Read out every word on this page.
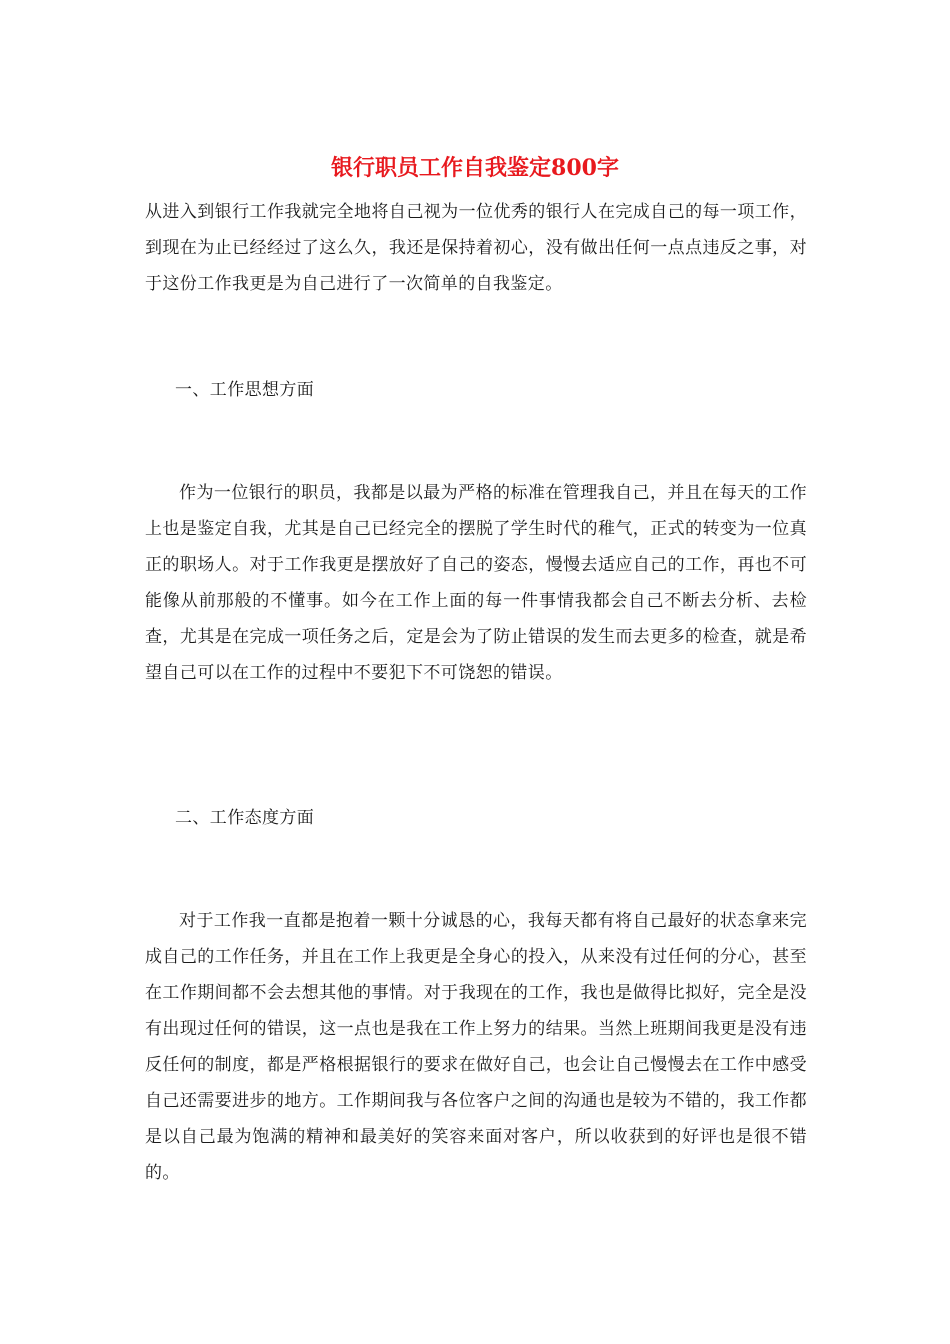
银行职员工作自我鉴定800字

从进入到银行工作我就完全地将自己视为一位优秀的银行人在完成自己的每一项工作，到现在为止已经经过了这么久，我还是保持着初心，没有做出任何一点点违反之事，对于这份工作我更是为自己进行了一次简单的自我鉴定。

一、工作思想方面

作为一位银行的职员，我都是以最为严格的标准在管理我自己，并且在每天的工作上也是鉴定自我，尤其是自己已经完全的摆脱了学生时代的稚气，正式的转变为一位真正的职场人。对于工作我更是摆放好了自己的姿态，慢慢去适应自己的工作，再也不可能像从前那般的不懂事。如今在工作上面的每一件事情我都会自己不断去分析、去检查，尤其是在完成一项任务之后，定是会为了防止错误的发生而去更多的检查，就是希望自己可以在工作的过程中不要犯下不可饶恕的错误。

二、工作态度方面

对于工作我一直都是抱着一颗十分诚恳的心，我每天都有将自己最好的状态拿来完成自己的工作任务，并且在工作上我更是全身心的投入，从来没有过任何的分心，甚至在工作期间都不会去想其他的事情。对于我现在的工作，我也是做得比拟好，完全是没有出现过任何的错误，这一点也是我在工作上努力的结果。当然上班期间我更是没有违反任何的制度，都是严格根据银行的要求在做好自己，也会让自己慢慢去在工作中感受自己还需要进步的地方。工作期间我与各位客户之间的沟通也是较为不错的，我工作都是以自己最为饱满的精神和最美好的笑容来面对客户，所以收获到的好评也是很不错的。
